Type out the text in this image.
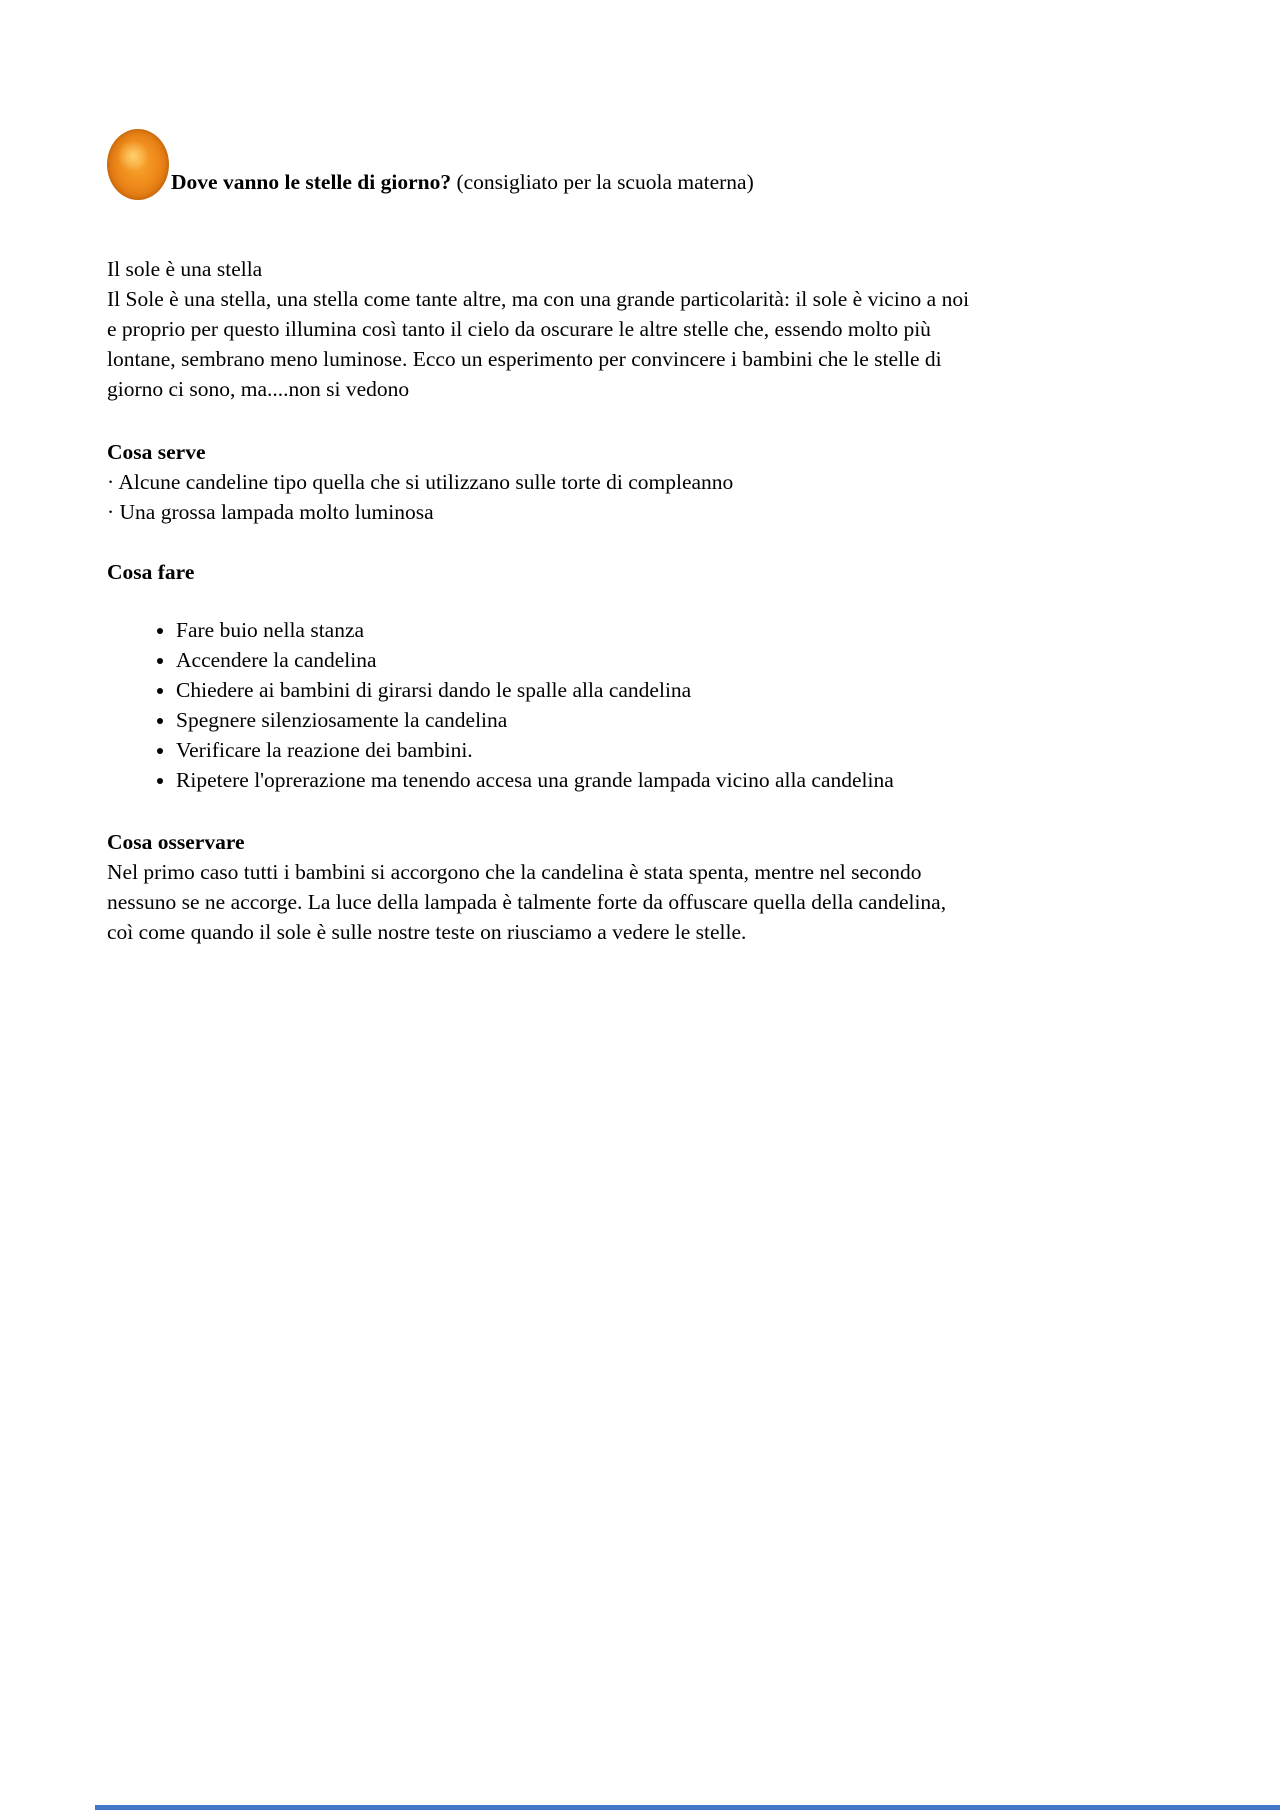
Dove vanno le stelle di giorno? (consigliato per la scuola materna)
Il sole è una stella
Il Sole è una stella, una stella come tante altre, ma con una grande particolarità: il sole è vicino a noi
e proprio per questo illumina così tanto il cielo da oscurare le altre stelle che, essendo molto più
lontane, sembrano meno luminose. Ecco un esperimento per convincere i bambini che le stelle di
giorno ci sono, ma....non si vedono
Cosa serve
· Alcune candeline tipo quella che si utilizzano sulle torte di compleanno
· Una grossa lampada molto luminosa
Cosa fare
• Fare buio nella stanza
• Accendere la candelina
• Chiedere ai bambini di girarsi dando le spalle alla candelina
• Spegnere silenziosamente la candelina
• Verificare la reazione dei bambini.
• Ripetere l'oprerazione ma tenendo accesa una grande lampada vicino alla candelina
Cosa osservare
Nel primo caso tutti i bambini si accorgono che la candelina è stata spenta, mentre nel secondo
nessuno se ne accorge. La luce della lampada è talmente forte da offuscare quella della candelina,
coì come quando il sole è sulle nostre teste on riusciamo a vedere le stelle.
